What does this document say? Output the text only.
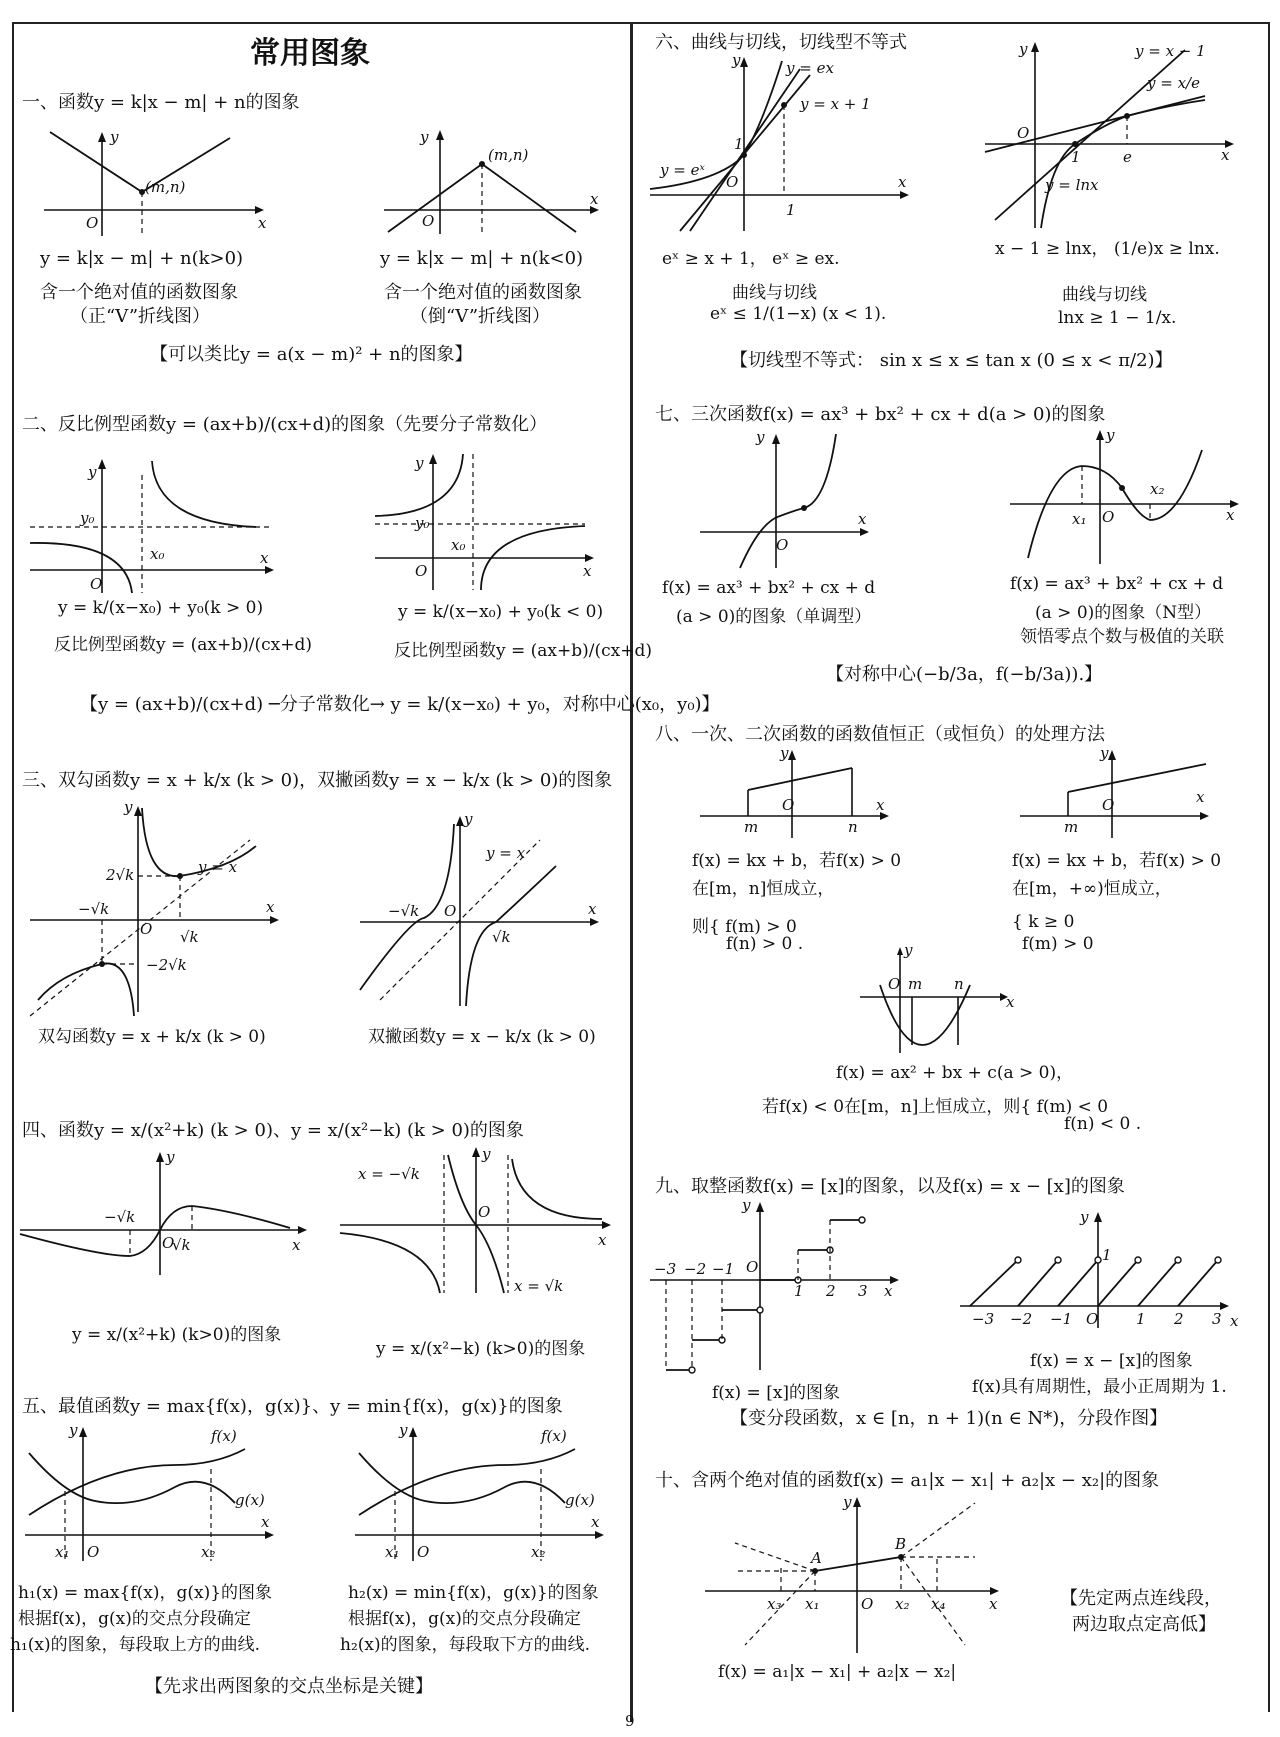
常用图象
一、函数y = k|x − m| + n的图象
(m,n)
O
y
x
(m,n)
O
y
x
y = k|x − m| + n(k>0)
含一个绝对值的函数图象
（正“V”折线图）
y = k|x − m| + n(k<0)
含一个绝对值的函数图象
（倒“V”折线图）
【可以类比y = a(x − m)² + n的图象】
二、反比例型函数y = (ax+b)/(cx+d)的图象（先要分子常数化）
y₀
x₀
y
O
x
y₀
x₀
y
O	x
y = k/(x−x₀) + y₀(k > 0)
反比例型函数y = (ax+b)/(cx+d)
y = k/(x−x₀) + y₀(k < 0)
反比例型函数y = (ax+b)/(cx+d)
【y = (ax+b)/(cx+d) ─分子常数化→ y = k/(x−x₀) + y₀，对称中心(x₀，y₀)】
三、双勾函数y = x + k/x (k > 0)，双撇函数y = x − k/x (k > 0)的图象
2√k
−2√k
√k
−√k
y = x
y
O
x	−√k
√k
y = x
y
O	x
双勾函数y = x + k/x (k > 0)	双撇函数y = x − k/x (k > 0)
四、函数y = x/(x²+k) (k > 0)、y = x/(x²−k) (k > 0)的图象
−√k
O
√k
y
x
O
y
x
x = −√k
x = √k
y = x/(x²+k) (k>0)的图象
y = x/(x²−k) (k>0)的图象
五、最值函数y = max{f(x)，g(x)}、y = min{f(x)，g(x)}的图象
y
O
x
x₁	x₂
f(x)
g(x)
y
O
x
x₁	x₂
f(x)
g(x)
h₁(x) = max{f(x)，g(x)}的图象
根据f(x)，g(x)的交点分段确定
h₁(x)的图象，每段取上方的曲线.
h₂(x) = min{f(x)，g(x)}的图象
根据f(x)，g(x)的交点分段确定
h₂(x)的图象，每段取下方的曲线.
【先求出两图象的交点坐标是关键】
六、曲线与切线，切线型不等式
y
1
O
1
x
y = ex
y = x + 1
y = eˣ
eˣ ≥ x + 1， eˣ ≥ ex.
曲线与切线
eˣ ≤ 1/(1−x) (x < 1).
y
O
1	e	x
y = x − 1
y = x/e
y = lnx
x − 1 ≥ lnx， (1/e)x ≥ lnx.
曲线与切线
lnx ≥ 1 − 1/x.
【切线型不等式： sin x ≤ x ≤ tan x (0 ≤ x < π/2)】
七、三次函数f(x) = ax³ + bx² + cx + d(a > 0)的图象
y
O
x
f(x) = ax³ + bx² + cx + d
(a > 0)的图象（单调型）
y
O
x₁
x₂
x
f(x) = ax³ + bx² + cx + d
(a > 0)的图象（N型）
领悟零点个数与极值的关联
【对称中心(−b/3a，f(−b/3a)).】
八、一次、二次函数的函数值恒正（或恒负）的处理方法
y
O
m	n
x
f(x) = kx + b，若f(x) > 0
在[m，n]恒成立，
则{ f(m) > 0
f(n) > 0 .
y
O
m
x
f(x) = kx + b，若f(x) > 0
在[m，+∞)恒成立，
{ k ≥ 0
f(m) > 0
y
O m n
x
f(x) = ax² + bx + c(a > 0)，
若f(x) < 0在[m，n]上恒成立，则{ f(m) < 0
f(n) < 0 .
九、取整函数f(x) = [x]的图象，以及f(x) = x − [x]的图象
y
O
−3 −2 −1
1 2 3 x
f(x) = [x]的图象
y
1
O
−3 −2 −1	1 2 3 x
f(x) = x − [x]的图象
f(x)具有周期性，最小正周期为 1.
【变分段函数，x ∈ [n，n + 1)(n ∈ N*)，分段作图】
十、含两个绝对值的函数f(x) = a₁|x − x₁| + a₂|x − x₂|的图象
A
B
y
O
x₁	x₂
x₃	x₄	x
f(x) = a₁|x − x₁| + a₂|x − x₂|
【先定两点连线段，
两边取点定高低】
9
